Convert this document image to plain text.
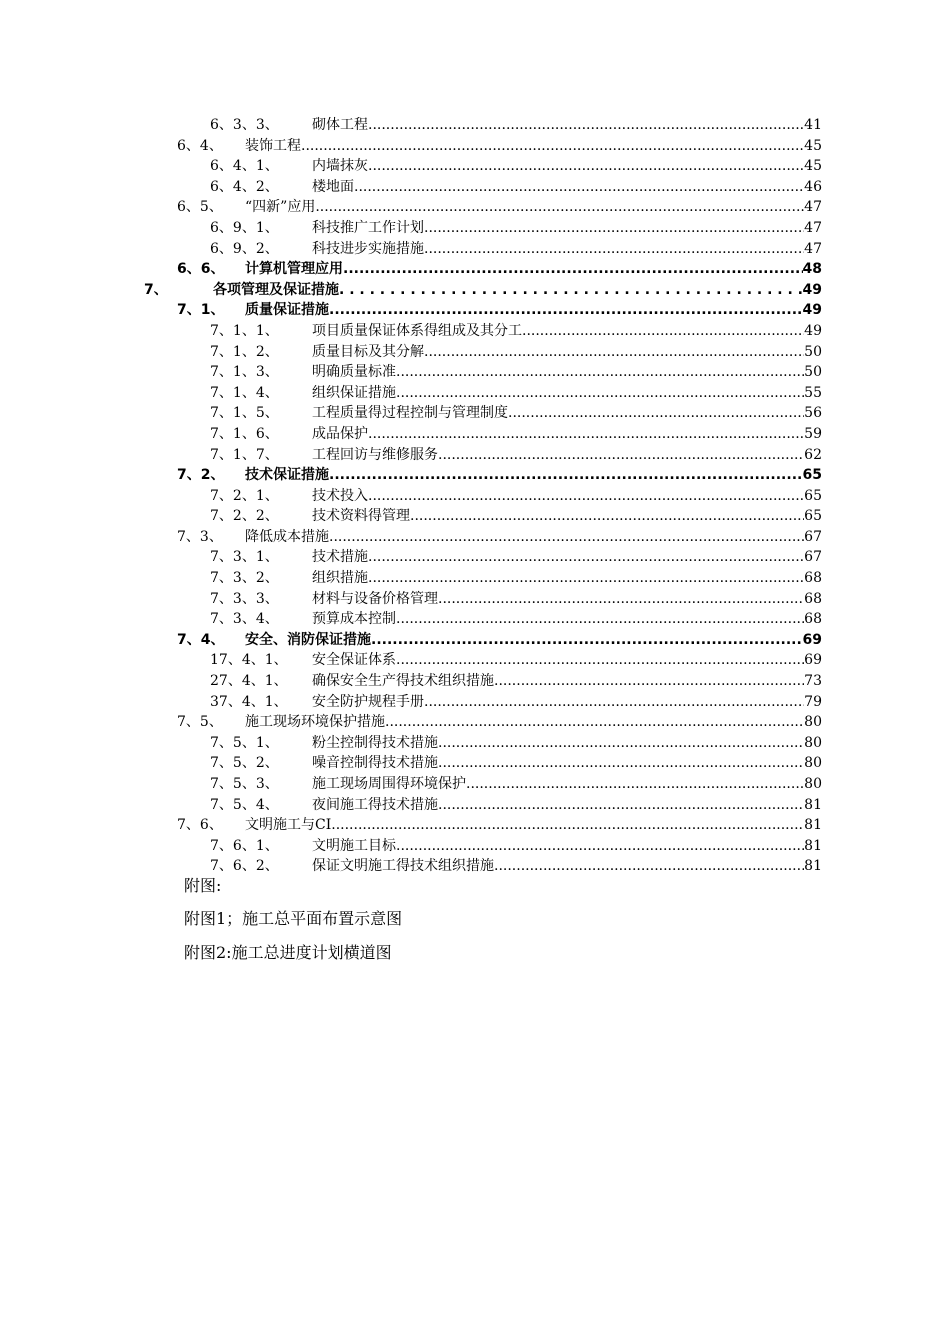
6、3、3、 砌体工程 .....	41
6、4、 装饰工程 .....	45
6、4、1、 内墙抹灰 .....	45
6、4、2、 楼地面 .....	46
6、5、 “四新”应用 .....	47
6、9、1、 科技推广工作计划 .....	47
6、9、2、 科技进步实施措施 .....	47
6、6、 计算机管理应用 .....	48
7、	各项管理及保证措施 . . .	49
7、1、 质量保证措施 .....	49
7、1、1、 项目质量保证体系得组成及其分工 .....	49
7、1、2、 质量目标及其分解 .....	50
7、1、3、 明确质量标准 .....	50
7、1、4、 组织保证措施 .....	55
7、1、5、 工程质量得过程控制与管理制度 .....	56
7、1、6、 成品保护 .....	59
7、1、7、 工程回访与维修服务 .....	62
7、2、 技术保证措施 .....	65
7、2、1、 技术投入 .....	65
7、2、2、 技术资料得管理 .....	65
7、3、 降低成本措施 .....	67
7、3、1、 技术措施 .....	67
7、3、2、 组织措施 .....	68
7、3、3、 材料与设备价格管理 .....	68
7、3、4、 预算成本控制 .....	68
7、4、 安全、消防保证措施 .....	69
17、4、1、 安全保证体系 .....	69
27、4、1、 确保安全生产得技术组织措施 .....	73
37、4、1、 安全防护规程手册 .....	79
7、5、 施工现场环境保护措施 .....	80
7、5、1、 粉尘控制得技术措施 .....	80
7、5、2、 噪音控制得技术措施 .....	80
7、5、3、 施工现场周围得环境保护 .....	80
7、5、4、 夜间施工得技术措施 .....	81
7、6、 文明施工与CI .....	81
7、6、1、 文明施工目标 .....	81
7、6、2、 保证文明施工得技术组织措施 .....	81
附图:
附图1；施工总平面布置示意图
附图2:施工总进度计划横道图
